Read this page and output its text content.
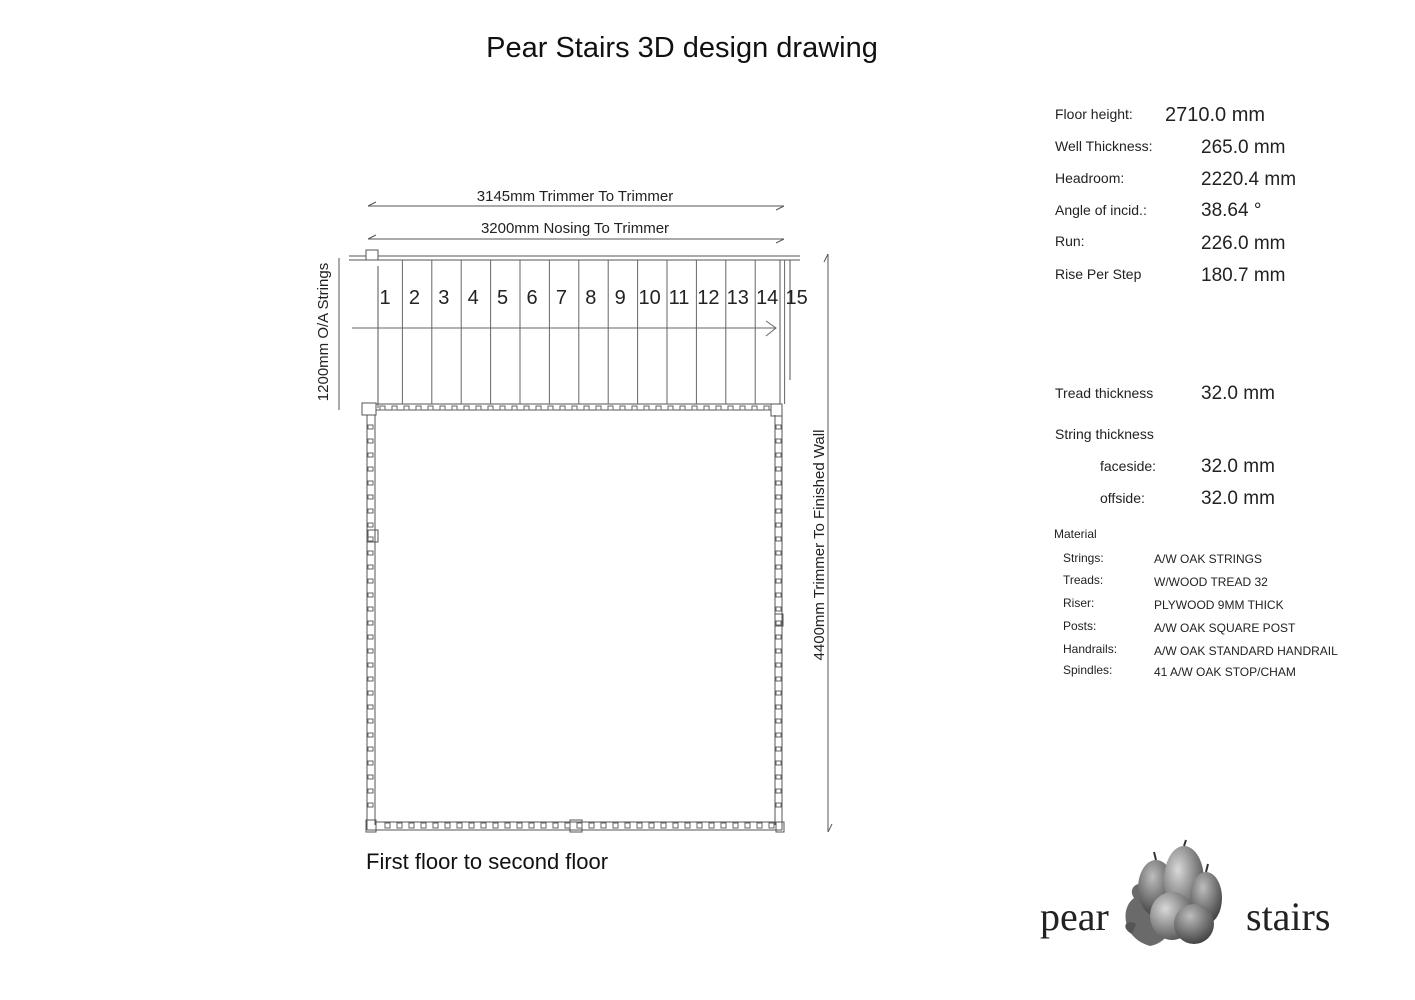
Pear Stairs 3D design drawing
3145mm Trimmer To Trimmer
3200mm Nosing To Trimmer
1200mm O/A Strings
4400mm Trimmer To Finished Wall
1 2 3 4 5 6 7 8 9 10 11 12 13 14 15
First floor to second floor
Floor height: 2710.0 mm
Well Thickness:	265.0 mm
Headroom:	2220.4 mm
Angle of incid.:	38.64 °
Run:	226.0 mm
Rise Per Step	180.7 mm
Tread thickness	32.0 mm
String thickness
faceside: 32.0 mm
offside:	32.0 mm
Material
Strings:	A/W OAK STRINGS
Treads:	W/WOOD TREAD 32
Riser:	PLYWOOD 9MM THICK
Posts:	A/W OAK SQUARE POST
Handrails:	A/W OAK STANDARD HANDRAIL
Spindles:	41 A/W OAK STOP/CHAM
pear	stairs
